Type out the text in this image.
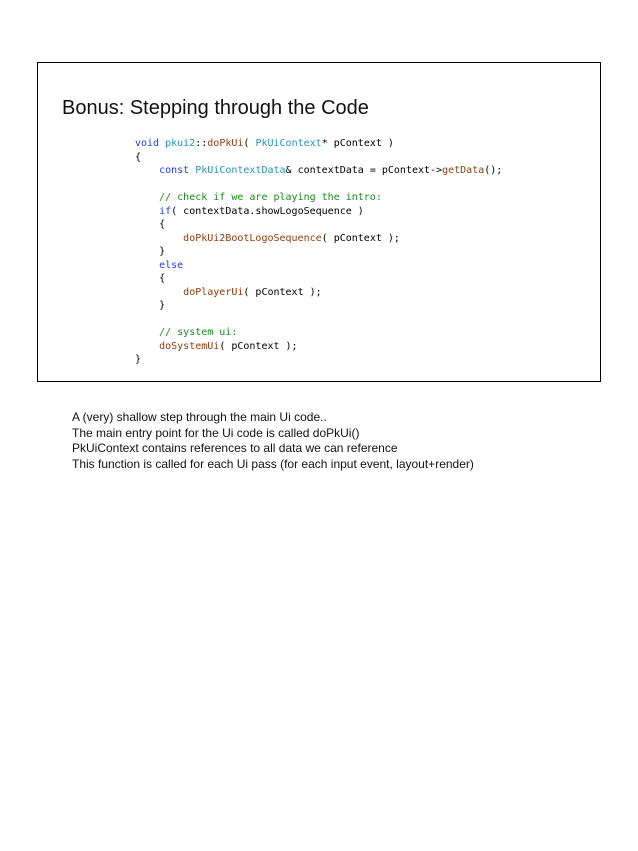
Bonus: Stepping through the Code
void pkui2::doPkUi( PkUiContext* pContext )
{
const PkUiContextData& contextData = pContext->getData();
// check if we are playing the intro:
if( contextData.showLogoSequence )
{
doPkUi2BootLogoSequence( pContext );
}
else
{
doPlayerUi( pContext );
}
// system ui:
doSystemUi( pContext );
}
A (very) shallow step through the main Ui code..
The main entry point for the Ui code is called doPkUi()
PkUiContext contains references to all data we can reference
This function is called for each Ui pass (for each input event, layout+render)
